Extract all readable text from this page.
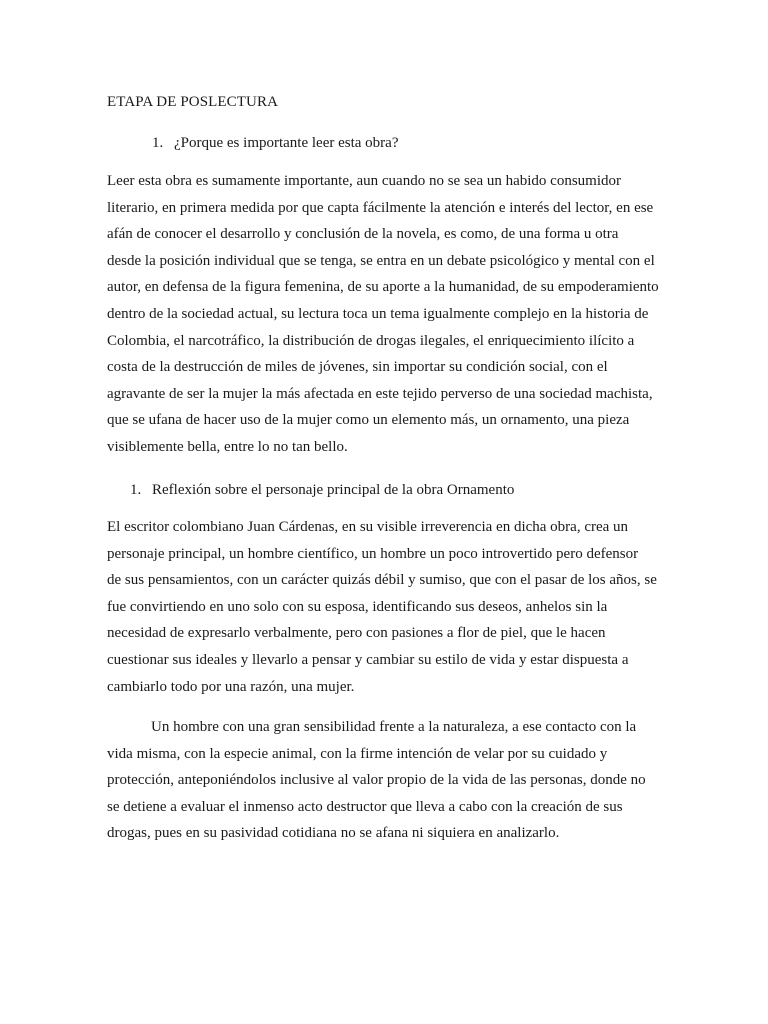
ETAPA DE POSLECTURA
1. ¿Porque es importante leer esta obra?
Leer esta obra es sumamente importante, aun cuando no se sea un habido consumidor
literario, en primera medida por que capta fácilmente la atención e interés del lector, en ese
afán de conocer el desarrollo y conclusión de la novela, es como, de una forma u otra
desde la posición individual que se tenga, se entra en un debate psicológico y mental con el
autor, en defensa de la figura femenina, de su aporte a la humanidad, de su empoderamiento
dentro de la sociedad actual, su lectura toca un tema igualmente complejo en la historia de
Colombia, el narcotráfico, la distribución de drogas ilegales, el enriquecimiento ilícito a
costa de la destrucción de miles de jóvenes, sin importar su condición social, con el
agravante de ser la mujer la más afectada en este tejido perverso de una sociedad machista,
que se ufana de hacer uso de la mujer como un elemento más, un ornamento, una pieza
visiblemente bella, entre lo no tan bello.
1. Reflexión sobre el personaje principal de la obra Ornamento
El escritor colombiano Juan Cárdenas, en su visible irreverencia en dicha obra, crea un
personaje principal, un hombre científico, un hombre un poco introvertido pero defensor
de sus pensamientos, con un carácter quizás débil y sumiso, que con el pasar de los años, se
fue convirtiendo en uno solo con su esposa, identificando sus deseos, anhelos sin la
necesidad de expresarlo verbalmente, pero con pasiones a flor de piel, que le hacen
cuestionar sus ideales y llevarlo a pensar y cambiar su estilo de vida y estar dispuesta a
cambiarlo todo por una razón, una mujer.
Un hombre con una gran sensibilidad frente a la naturaleza, a ese contacto con la
vida misma, con la especie animal, con la firme intención de velar por su cuidado y
protección, anteponiéndolos inclusive al valor propio de la vida de las personas, donde no
se detiene a evaluar el inmenso acto destructor que lleva a cabo con la creación de sus
drogas, pues en su pasividad cotidiana no se afana ni siquiera en analizarlo.
